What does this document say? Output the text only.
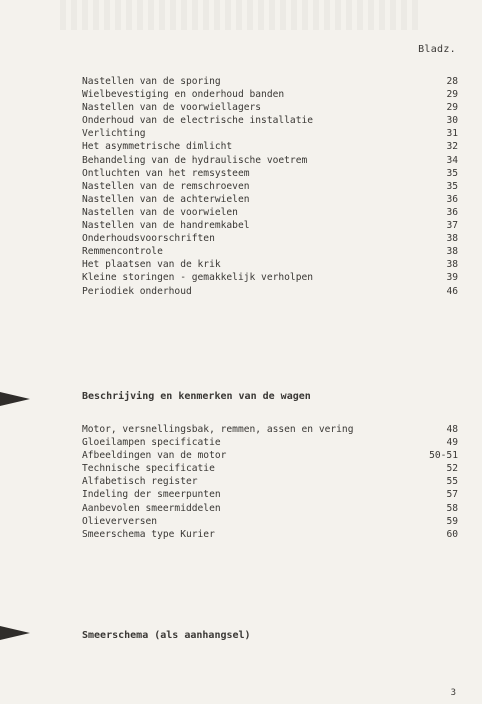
Bladz.
Nastellen van de sporing	28
Wielbevestiging en onderhoud banden	29
Nastellen van de voorwiellagers	29
Onderhoud van de electrische installatie	30
Verlichting	31
Het asymmetrische dimlicht	32
Behandeling van de hydraulische voetrem	34
Ontluchten van het remsysteem	35
Nastellen van de remschroeven	35
Nastellen van de achterwielen	36
Nastellen van de voorwielen	36
Nastellen van de handremkabel	37
Onderhoudsvoorschriften	38
Remmencontrole	38
Het plaatsen van de krik	38
Kleine storingen - gemakkelijk verholpen	39
Periodiek onderhoud	46
Beschrijving en kenmerken van de wagen
Motor, versnellingsbak, remmen, assen en vering	48
Gloeilampen specificatie	49
Afbeeldingen van de motor	50-51
Technische specificatie	52
Alfabetisch register	55
Indeling der smeerpunten	57
Aanbevolen smeermiddelen	58
Olieverversen	59
Smeerschema type Kurier	60
Smeerschema (als aanhangsel)
3
